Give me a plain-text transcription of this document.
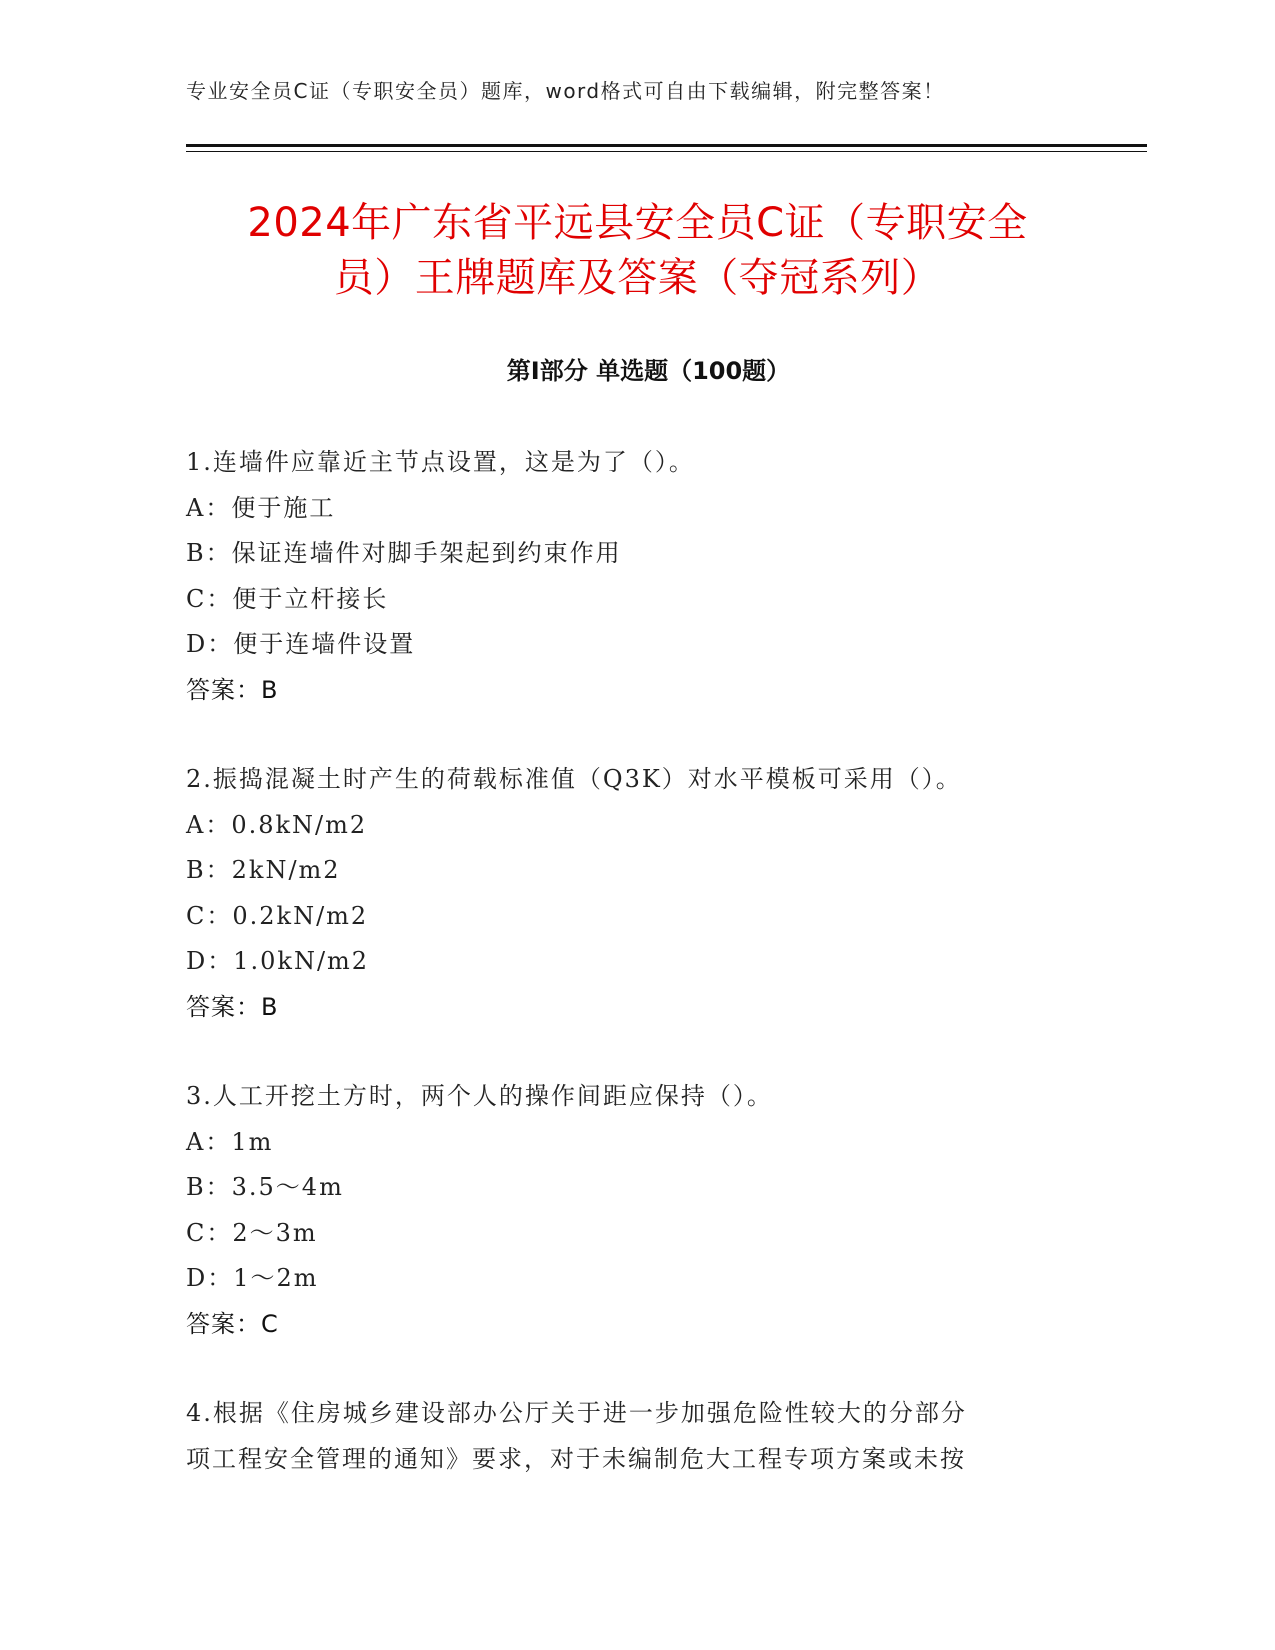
专业安全员C证（专职安全员）题库，word格式可自由下载编辑，附完整答案！
2024年广东省平远县安全员C证（专职安全
员）王牌题库及答案（夺冠系列）
第Ⅰ部分 单选题（100题）
1.连墙件应靠近主节点设置，这是为了（）。
A：便于施工
B：保证连墙件对脚手架起到约束作用
C：便于立杆接长
D：便于连墙件设置
答案：B
2.振捣混凝土时产生的荷载标准值（Q3K）对水平模板可采用（）。
A：0.8kN/m2
B：2kN/m2
C：0.2kN/m2
D：1.0kN/m2
答案：B
3.人工开挖土方时，两个人的操作间距应保持（）。
A：1m
B：3.5～4m
C：2～3m
D：1～2m
答案：C
4.根据《住房城乡建设部办公厅关于进一步加强危险性较大的分部分
项工程安全管理的通知》要求，对于未编制危大工程专项方案或未按
